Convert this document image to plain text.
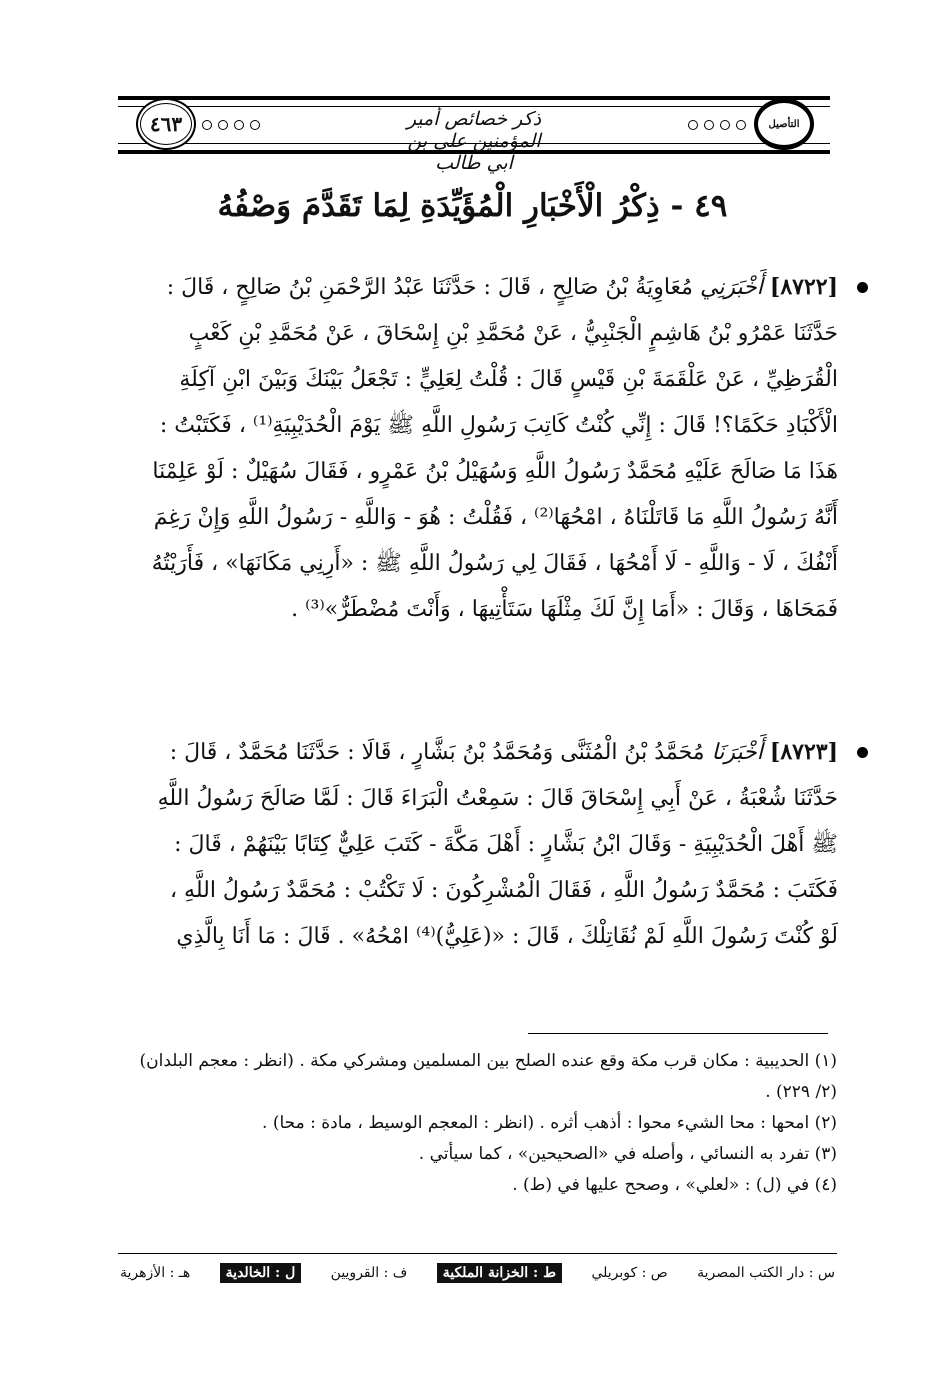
٤٦٣	ذكر خصائص أمير المؤمنين علي بن أبي طالب
التأصيل
٤٩ - ذِكْرُ الْأَخْبَارِ الْمُؤَيِّدَةِ لِمَا تَقَدَّمَ وَصْفُهُ

[٨٧٢٢] أَخْبَرَنِي مُعَاوِيَةُ بْنُ صَالِحٍ ، قَالَ : حَدَّثَنَا عَبْدُ الرَّحْمَنِ بْنُ صَالِحٍ ، قَالَ :

حَدَّثَنَا عَمْرُو بْنُ هَاشِمٍ الْجَنْبِيُّ ، عَنْ مُحَمَّدِ بْنِ إِسْحَاقَ ، عَنْ مُحَمَّدِ بْنِ كَعْبٍ

الْقُرَظِيِّ ، عَنْ عَلْقَمَةَ بْنِ قَيْسٍ قَالَ : قُلْتُ لِعَلِيٍّ : تَجْعَلُ بَيْنَكَ وَبَيْنَ ابْنِ آكِلَةِ

الْأَكْبَادِ حَكَمًا؟! قَالَ : إِنِّي كُنْتُ كَاتِبَ رَسُولِ اللَّهِ ﷺ يَوْمَ الْحُدَيْبِيَةِ⁽¹⁾ ، فَكَتَبْتُ :

هَذَا مَا صَالَحَ عَلَيْهِ مُحَمَّدٌ رَسُولُ اللَّهِ وَسُهَيْلُ بْنُ عَمْرٍو ، فَقَالَ سُهَيْلٌ : لَوْ عَلِمْنَا

أَنَّهُ رَسُولُ اللَّهِ مَا قَاتَلْنَاهُ ، امْحُهَا⁽²⁾ ، فَقُلْتُ : هُوَ - وَاللَّهِ - رَسُولُ اللَّهِ وَإِنْ رَغِمَ

أَنْفُكَ ، لَا - وَاللَّهِ - لَا أَمْحُهَا ، فَقَالَ لِي رَسُولُ اللَّهِ ﷺ : «أَرِنِي مَكَانَهَا» ، فَأَرَيْتُهُ

فَمَحَاهَا ، وَقَالَ : «أَمَا إِنَّ لَكَ مِثْلَهَا سَتَأْتِيهَا ، وَأَنْتَ مُضْطَرٌّ»⁽³⁾ .

[٨٧٢٣] أَخْبَرَنَا مُحَمَّدُ بْنُ الْمُثَنَّى وَمُحَمَّدُ بْنُ بَشَّارٍ ، قَالَا : حَدَّثَنَا مُحَمَّدٌ ، قَالَ :

حَدَّثَنَا شُعْبَةُ ، عَنْ أَبِي إِسْحَاقَ قَالَ : سَمِعْتُ الْبَرَاءَ قَالَ : لَمَّا صَالَحَ رَسُولُ اللَّهِ

ﷺ أَهْلَ الْحُدَيْبِيَةِ - وَقَالَ ابْنُ بَشَّارٍ : أَهْلَ مَكَّةَ - كَتَبَ عَلِيٌّ كِتَابًا بَيْنَهُمْ ، قَالَ :

فَكَتَبَ : مُحَمَّدٌ رَسُولُ اللَّهِ ، فَقَالَ الْمُشْرِكُونَ : لَا تَكْتُبْ : مُحَمَّدٌ رَسُولُ اللَّهِ ،

لَوْ كُنْتَ رَسُولَ اللَّهِ لَمْ نُقَاتِلْكَ ، قَالَ : «(عَلِيُّ)⁽⁴⁾ امْحُهُ» . قَالَ : مَا أَنَا بِالَّذِي

(١) الحديبية : مكان قرب مكة وقع عنده الصلح بين المسلمين ومشركي مكة . (انظر : معجم البلدان) (٢/ ٢٢٩) .

(٢) امحها : محا الشيء محوا : أذهب أثره . (انظر : المعجم الوسيط ، مادة : محا) .

(٣) تفرد به النسائي ، وأصله في «الصحيحين» ، كما سيأتي .

(٤) في (ل) : «لعلي» ، وصحح عليها في (ط) .

س : دار الكتب المصرية
ص : كوبريلي
ط : الخزانة الملكية
ف : القرويين
ل : الخالدية
هـ : الأزهرية
